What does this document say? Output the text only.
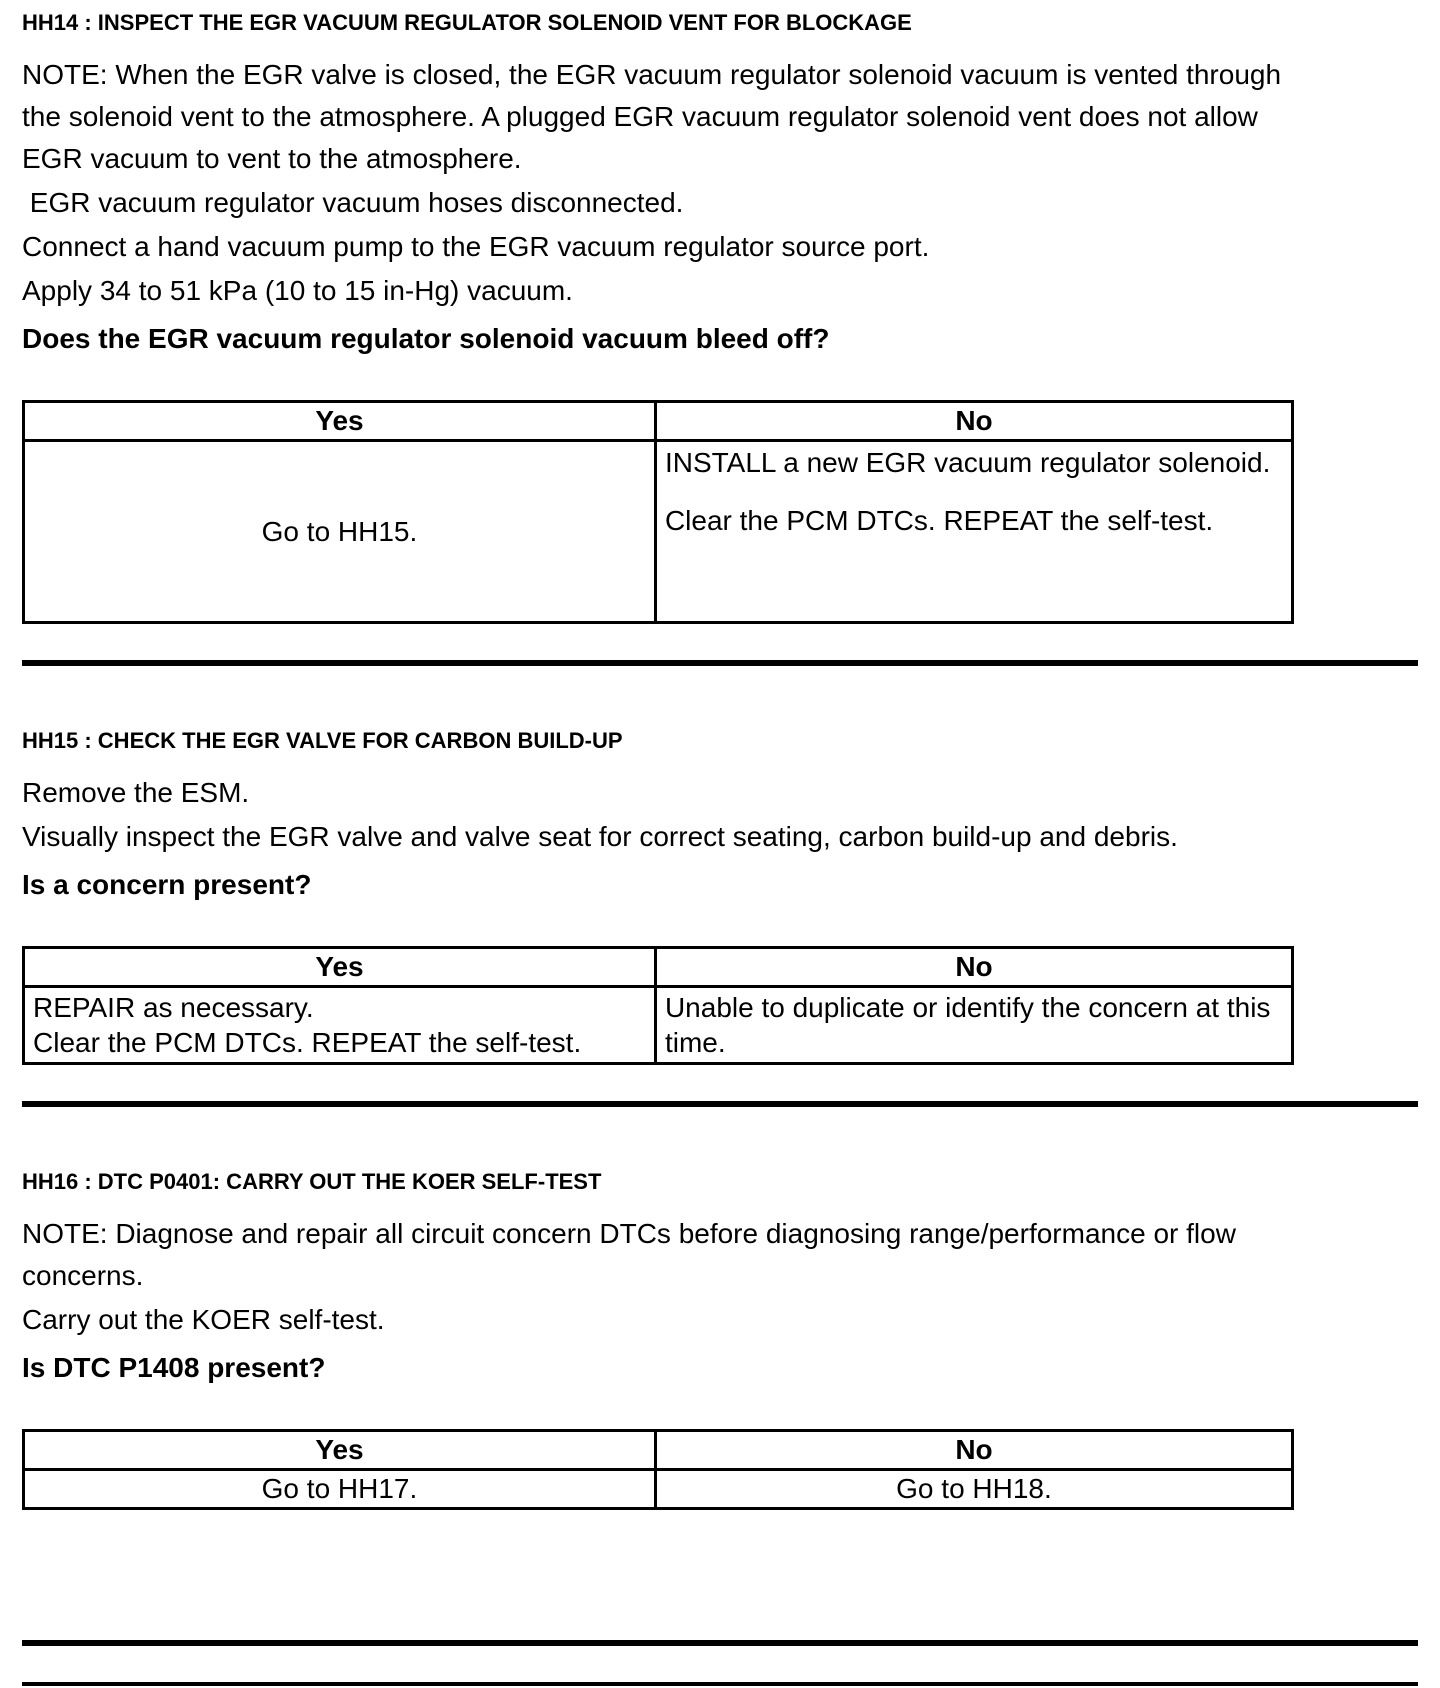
HH14 : INSPECT THE EGR VACUUM REGULATOR SOLENOID VENT FOR BLOCKAGE

NOTE: When the EGR valve is closed, the EGR vacuum regulator solenoid vacuum is vented through the solenoid vent to the atmosphere. A plugged EGR vacuum regulator solenoid vent does not allow EGR vacuum to vent to the atmosphere.

EGR vacuum regulator vacuum hoses disconnected.

Connect a hand vacuum pump to the EGR vacuum regulator source port.

Apply 34 to 51 kPa (10 to 15 in-Hg) vacuum.

Does the EGR vacuum regulator solenoid vacuum bleed off?

Yes	No

Go to HH15.	INSTALL a new EGR vacuum regulator solenoid.

Clear the PCM DTCs. REPEAT the self-test.

HH15 : CHECK THE EGR VALVE FOR CARBON BUILD-UP

Remove the ESM.

Visually inspect the EGR valve and valve seat for correct seating, carbon build-up and debris.

Is a concern present?

Yes	No

REPAIR as necessary.

Clear the PCM DTCs. REPEAT the self-test.	Unable to duplicate or identify the concern at this time.

HH16 : DTC P0401: CARRY OUT THE KOER SELF-TEST

NOTE: Diagnose and repair all circuit concern DTCs before diagnosing range/performance or flow concerns.

Carry out the KOER self-test.

Is DTC P1408 present?

Yes	No

Go to HH17.	Go to HH18.
